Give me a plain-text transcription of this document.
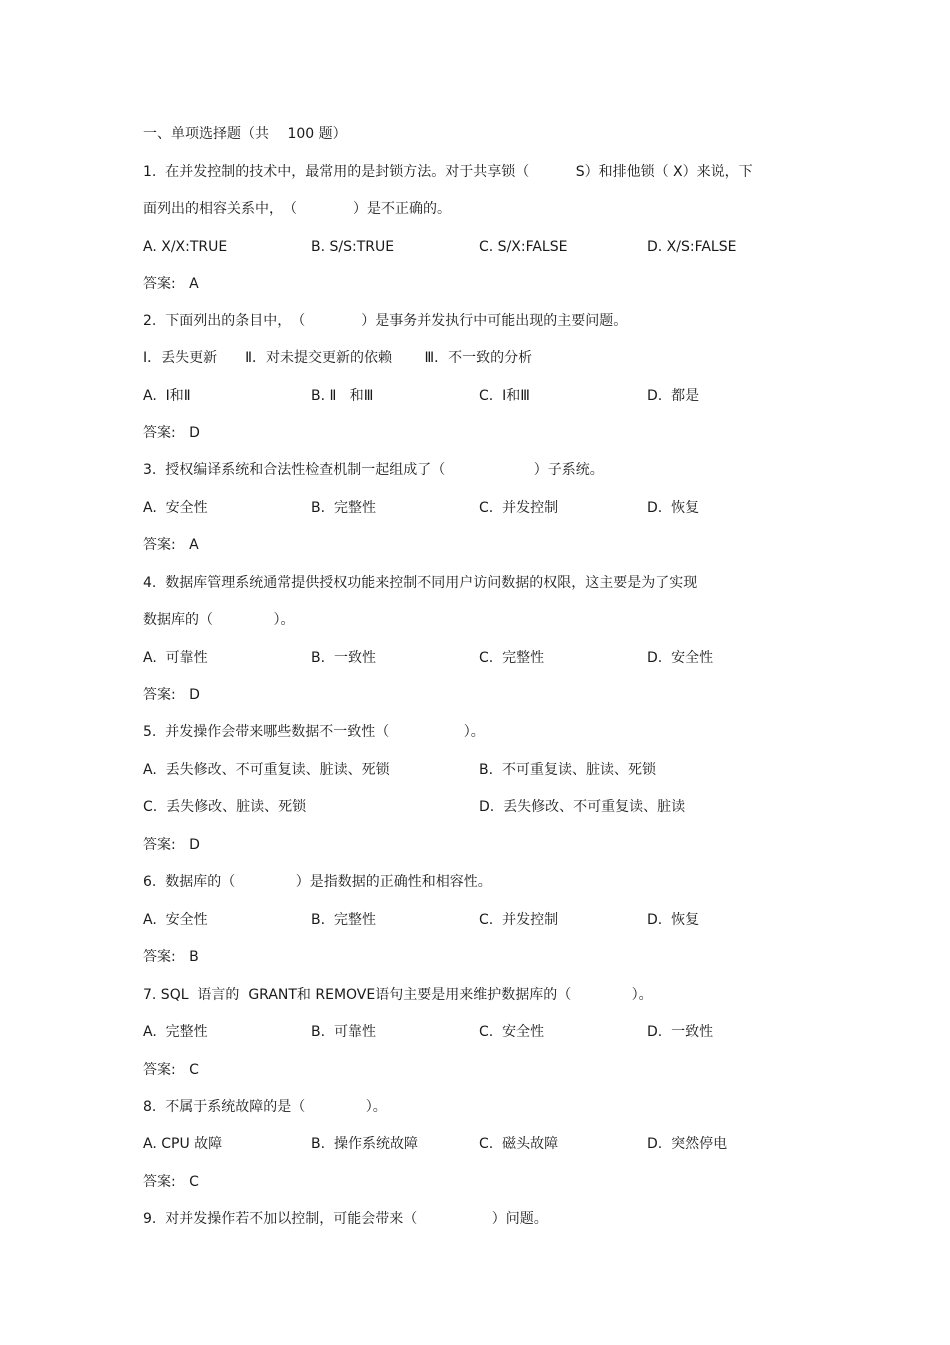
一、单项选择题（共　 100 题）
1.  在并发控制的技术中，最常用的是封锁方法。对于共享锁（　　　 S）和排他锁（ X）来说，下
面列出的相容关系中，　（　　　　）是不正确的。
A. X/X:TRUE	B. S/S:TRUE	C. S/X:FALSE	D. X/S:FALSE
答案:   A
2.  下面列出的条目中，　（　　　　）是事务并发执行中可能出现的主要问题。
Ⅰ．丢失更新　　Ⅱ．对未提交更新的依赖　　 Ⅲ．不一致的分析
A.  Ⅰ和Ⅱ	B. Ⅱ   和Ⅲ	C.  Ⅰ和Ⅲ	D.  都是
答案:   D
3.  授权编译系统和合法性检查机制一起组成了（　　　　　　 ）子系统。
A.  安全性	B.  完整性	C.  并发控制	D.  恢复
答案:   A
4.  数据库管理系统通常提供授权功能来控制不同用户访问数据的权限，这主要是为了实现
数据库的（　　　　 ）。
A.  可靠性	B.  一致性	C.  完整性	D.  安全性
答案:   D
5.  并发操作会带来哪些数据不一致性（　　　　　 ）。
A.  丢失修改、不可重复读、脏读、死锁	B.  不可重复读、脏读、死锁
C.  丢失修改、脏读、死锁	D.  丢失修改、不可重复读、脏读
答案:   D
6.  数据库的（　　　　 ）是指数据的正确性和相容性。
A.  安全性	B.  完整性	C.  并发控制	D.  恢复
答案:   B
7. SQL  语言的  GRANT和 REMOVE语句主要是用来维护数据库的（　　　　 ）。
A.  完整性	B.  可靠性	C.  安全性	D.  一致性
答案:   C
8.  不属于系统故障的是（　　　　 ）。
A. CPU 故障	B.  操作系统故障	C.  磁头故障	D.  突然停电
答案:   C
9.  对并发操作若不加以控制，可能会带来（　　　　　 ）问题。
